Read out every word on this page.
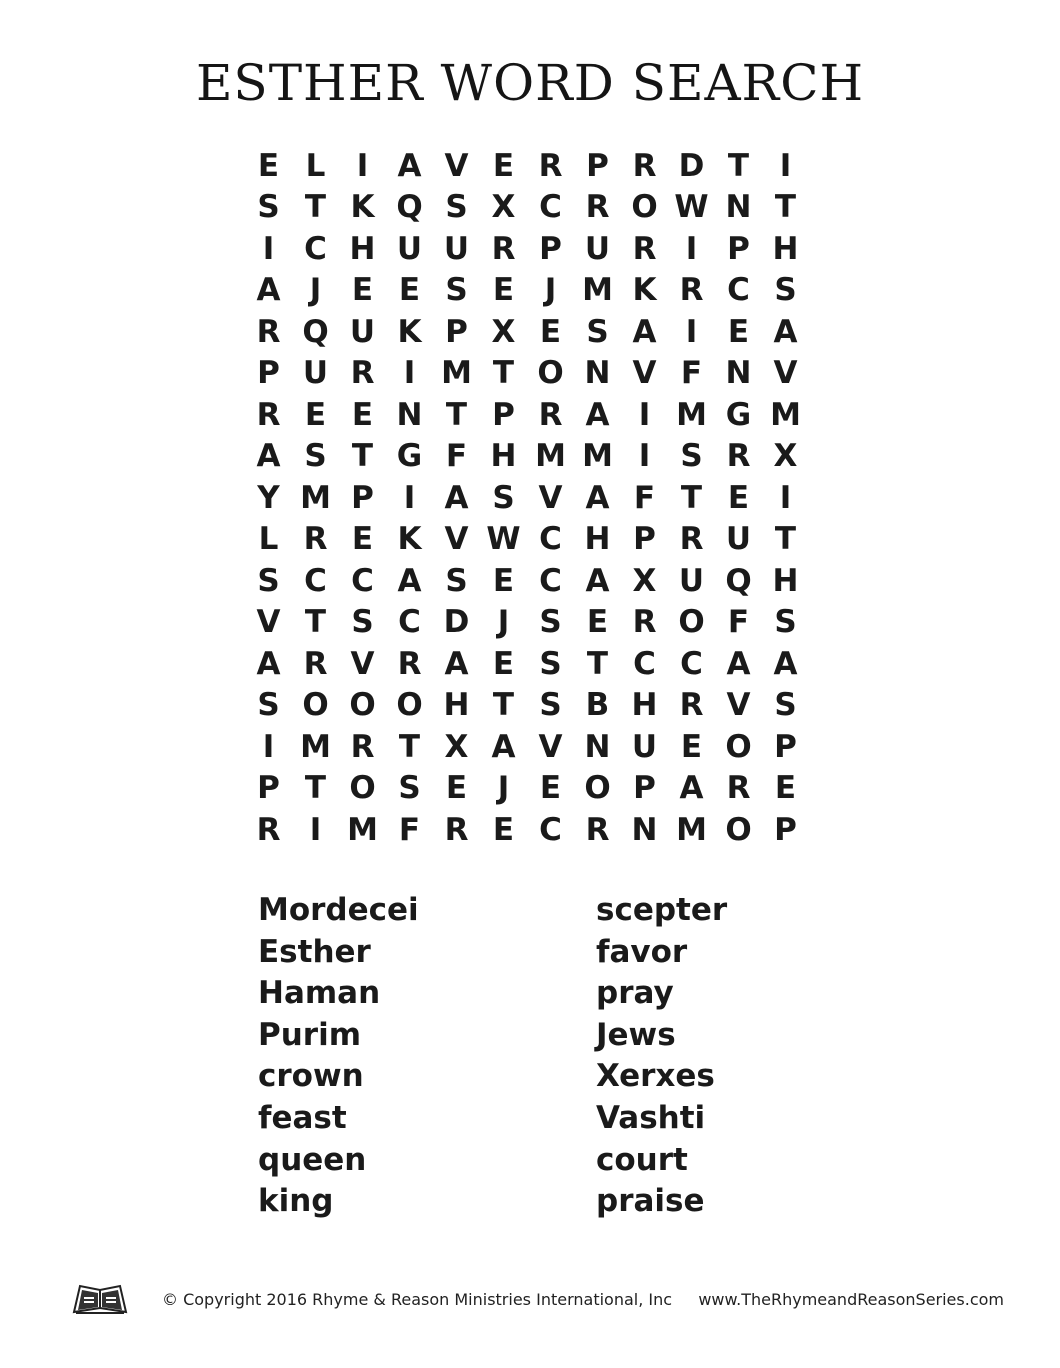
ESTHER WORD SEARCH
E L	I A V E R P R D T I
S T K Q S X C R O W N T
I C H U U R P U R I P H
A J E E S E J M K R C S
R Q U K P X E S A I E A
P U R I M T O N V F N V
R E E N T P R A I M G M
A S T G F H M M I S R X
Y M P I A S V A F T E I
L R E K V W C H P R U T
S C C A S E C A X U Q H
V T S C D J S E R O F S
A R V R A E S T C C A A
S O O O H T S B H R V S
I M R T X A V N U E O P
P T O S E J E O P A R E
R I M F R E C R N M O P
Mordecei
Esther
Haman
Purim
crown
feast
queen
king
scepter
favor
pray
Jews
Xerxes
Vashti
court
praise
© Copyright 2016 Rhyme & Reason Ministries International, Inc www.TheRhymeandReasonSeries.com
